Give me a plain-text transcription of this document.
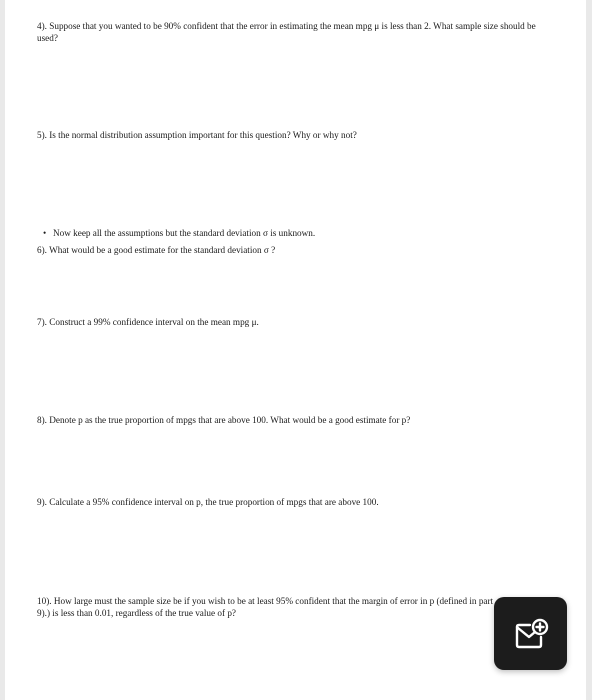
4). Suppose that you wanted to be 90% confident that the error in estimating the mean mpg μ is less than 2. What sample size should be used?

5). Is the normal distribution assumption important for this question? Why or why not?

• Now keep all the assumptions but the standard deviation σ is unknown.

6). What would be a good estimate for the standard deviation σ ?

7). Construct a 99% confidence interval on the mean mpg μ.

8). Denote p as the true proportion of mpgs that are above 100. What would be a good estimate for p?

9). Calculate a 95% confidence interval on p, the true proportion of mpgs that are above 100.

10). How large must the sample size be if you wish to be at least 95% confident that the margin of error in p (defined in part 9).) is less than 0.01, regardless of the true value of p?
